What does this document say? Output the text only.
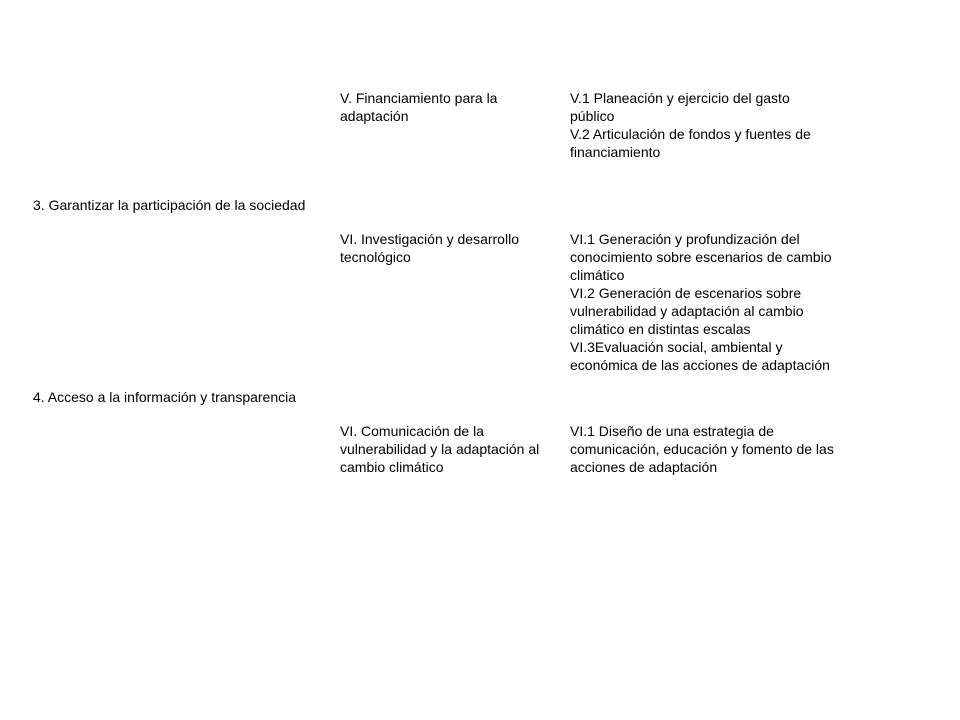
V. Financiamiento para la
adaptación
V.1 Planeación y ejercicio del gasto
público
V.2 Articulación de fondos y fuentes de
financiamiento
3. Garantizar la participación de la sociedad
VI. Investigación y desarrollo
tecnológico
VI.1 Generación y profundización del
conocimiento sobre escenarios de cambio
climático
VI.2 Generación de escenarios sobre
vulnerabilidad y adaptación al cambio
climático en distintas escalas
VI.3Evaluación social, ambiental y
económica de las acciones de adaptación
4. Acceso a la información y transparencia
VI. Comunicación de la
vulnerabilidad y la adaptación al
cambio climático
VI.1 Diseño de una estrategia de
comunicación, educación y fomento de las
acciones de adaptación
